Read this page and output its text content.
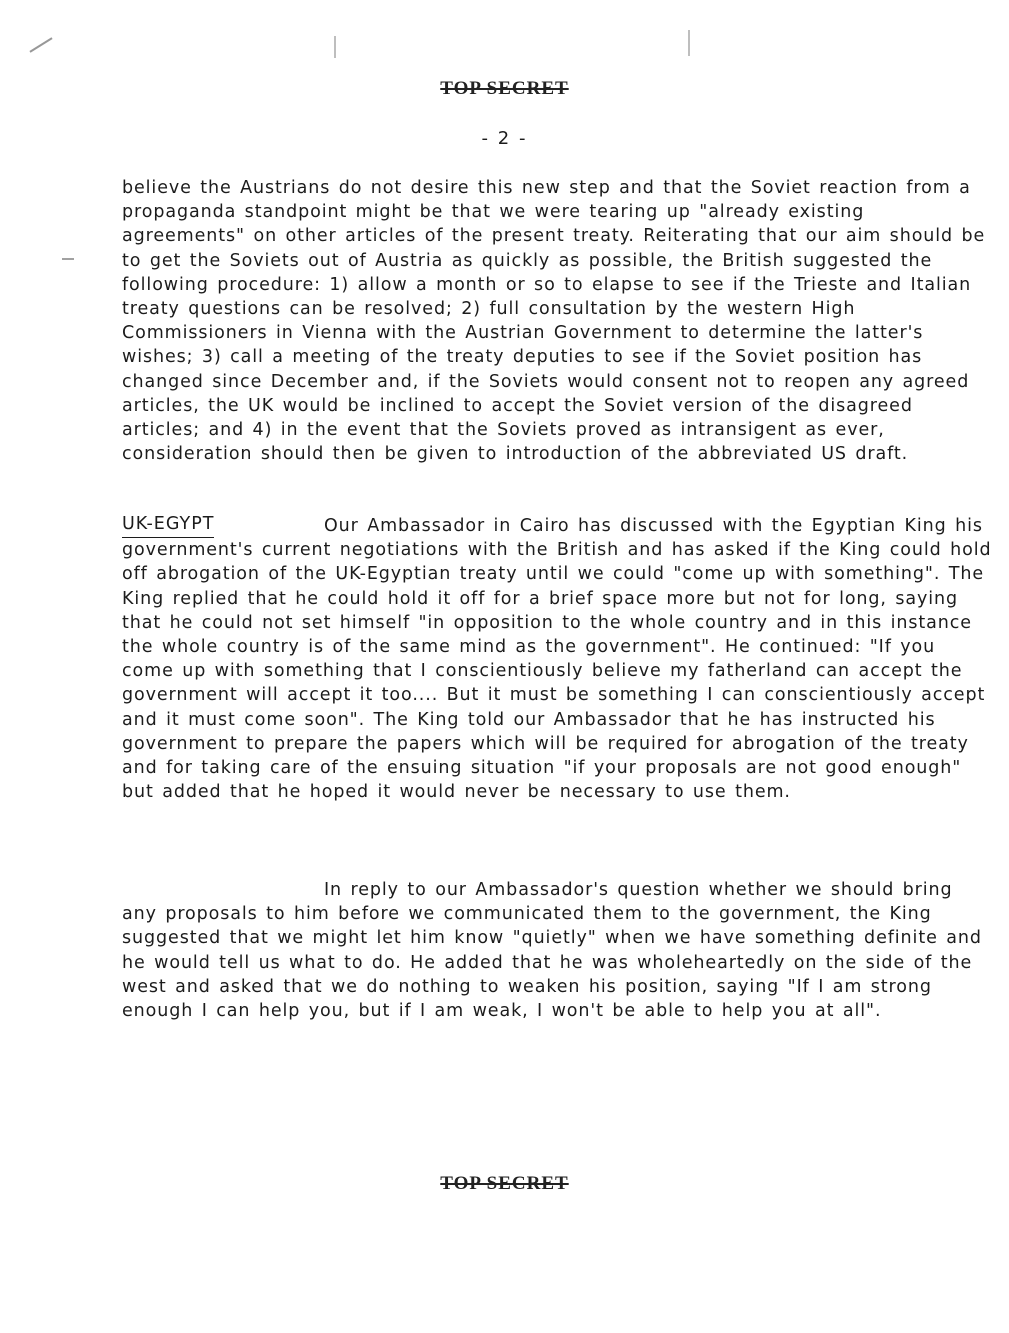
TOP SECRET
- 2 -
believe the Austrians do not desire this new step and that the Soviet reaction from a propaganda standpoint might be that we were tearing up "already existing agreements" on other articles of the present treaty. Reiterating that our aim should be to get the Soviets out of Austria as quickly as possible, the British suggested the following procedure: 1) allow a month or so to elapse to see if the Trieste and Italian treaty questions can be resolved; 2) full consultation by the western High Commissioners in Vienna with the Austrian Government to determine the latter's wishes; 3) call a meeting of the treaty deputies to see if the Soviet position has changed since December and, if the Soviets would consent not to reopen any agreed articles, the UK would be inclined to accept the Soviet version of the disagreed articles; and 4) in the event that the Soviets proved as intransigent as ever, consideration should then be given to introduction of the abbreviated US draft.
UK-EGYPT	Our Ambassador in Cairo has discussed with the Egyptian King his government's current negotiations with the British and has asked if the King could hold off abrogation of the UK-Egyptian treaty until we could "come up with something". The King replied that he could hold it off for a brief space more but not for long, saying that he could not set himself "in opposition to the whole country and in this instance the whole country is of the same mind as the government". He continued: "If you come up with something that I conscientiously believe my fatherland can accept the government will accept it too.... But it must be something I can conscientiously accept and it must come soon". The King told our Ambassador that he has instructed his government to prepare the papers which will be required for abrogation of the treaty and for taking care of the ensuing situation "if your proposals are not good enough" but added that he hoped it would never be necessary to use them.
In reply to our Ambassador's question whether we should bring any proposals to him before we communicated them to the government, the King suggested that we might let him know "quietly" when we have something definite and he would tell us what to do. He added that he was wholeheartedly on the side of the west and asked that we do nothing to weaken his position, saying "If I am strong enough I can help you, but if I am weak, I won't be able to help you at all".
TOP SECRET
